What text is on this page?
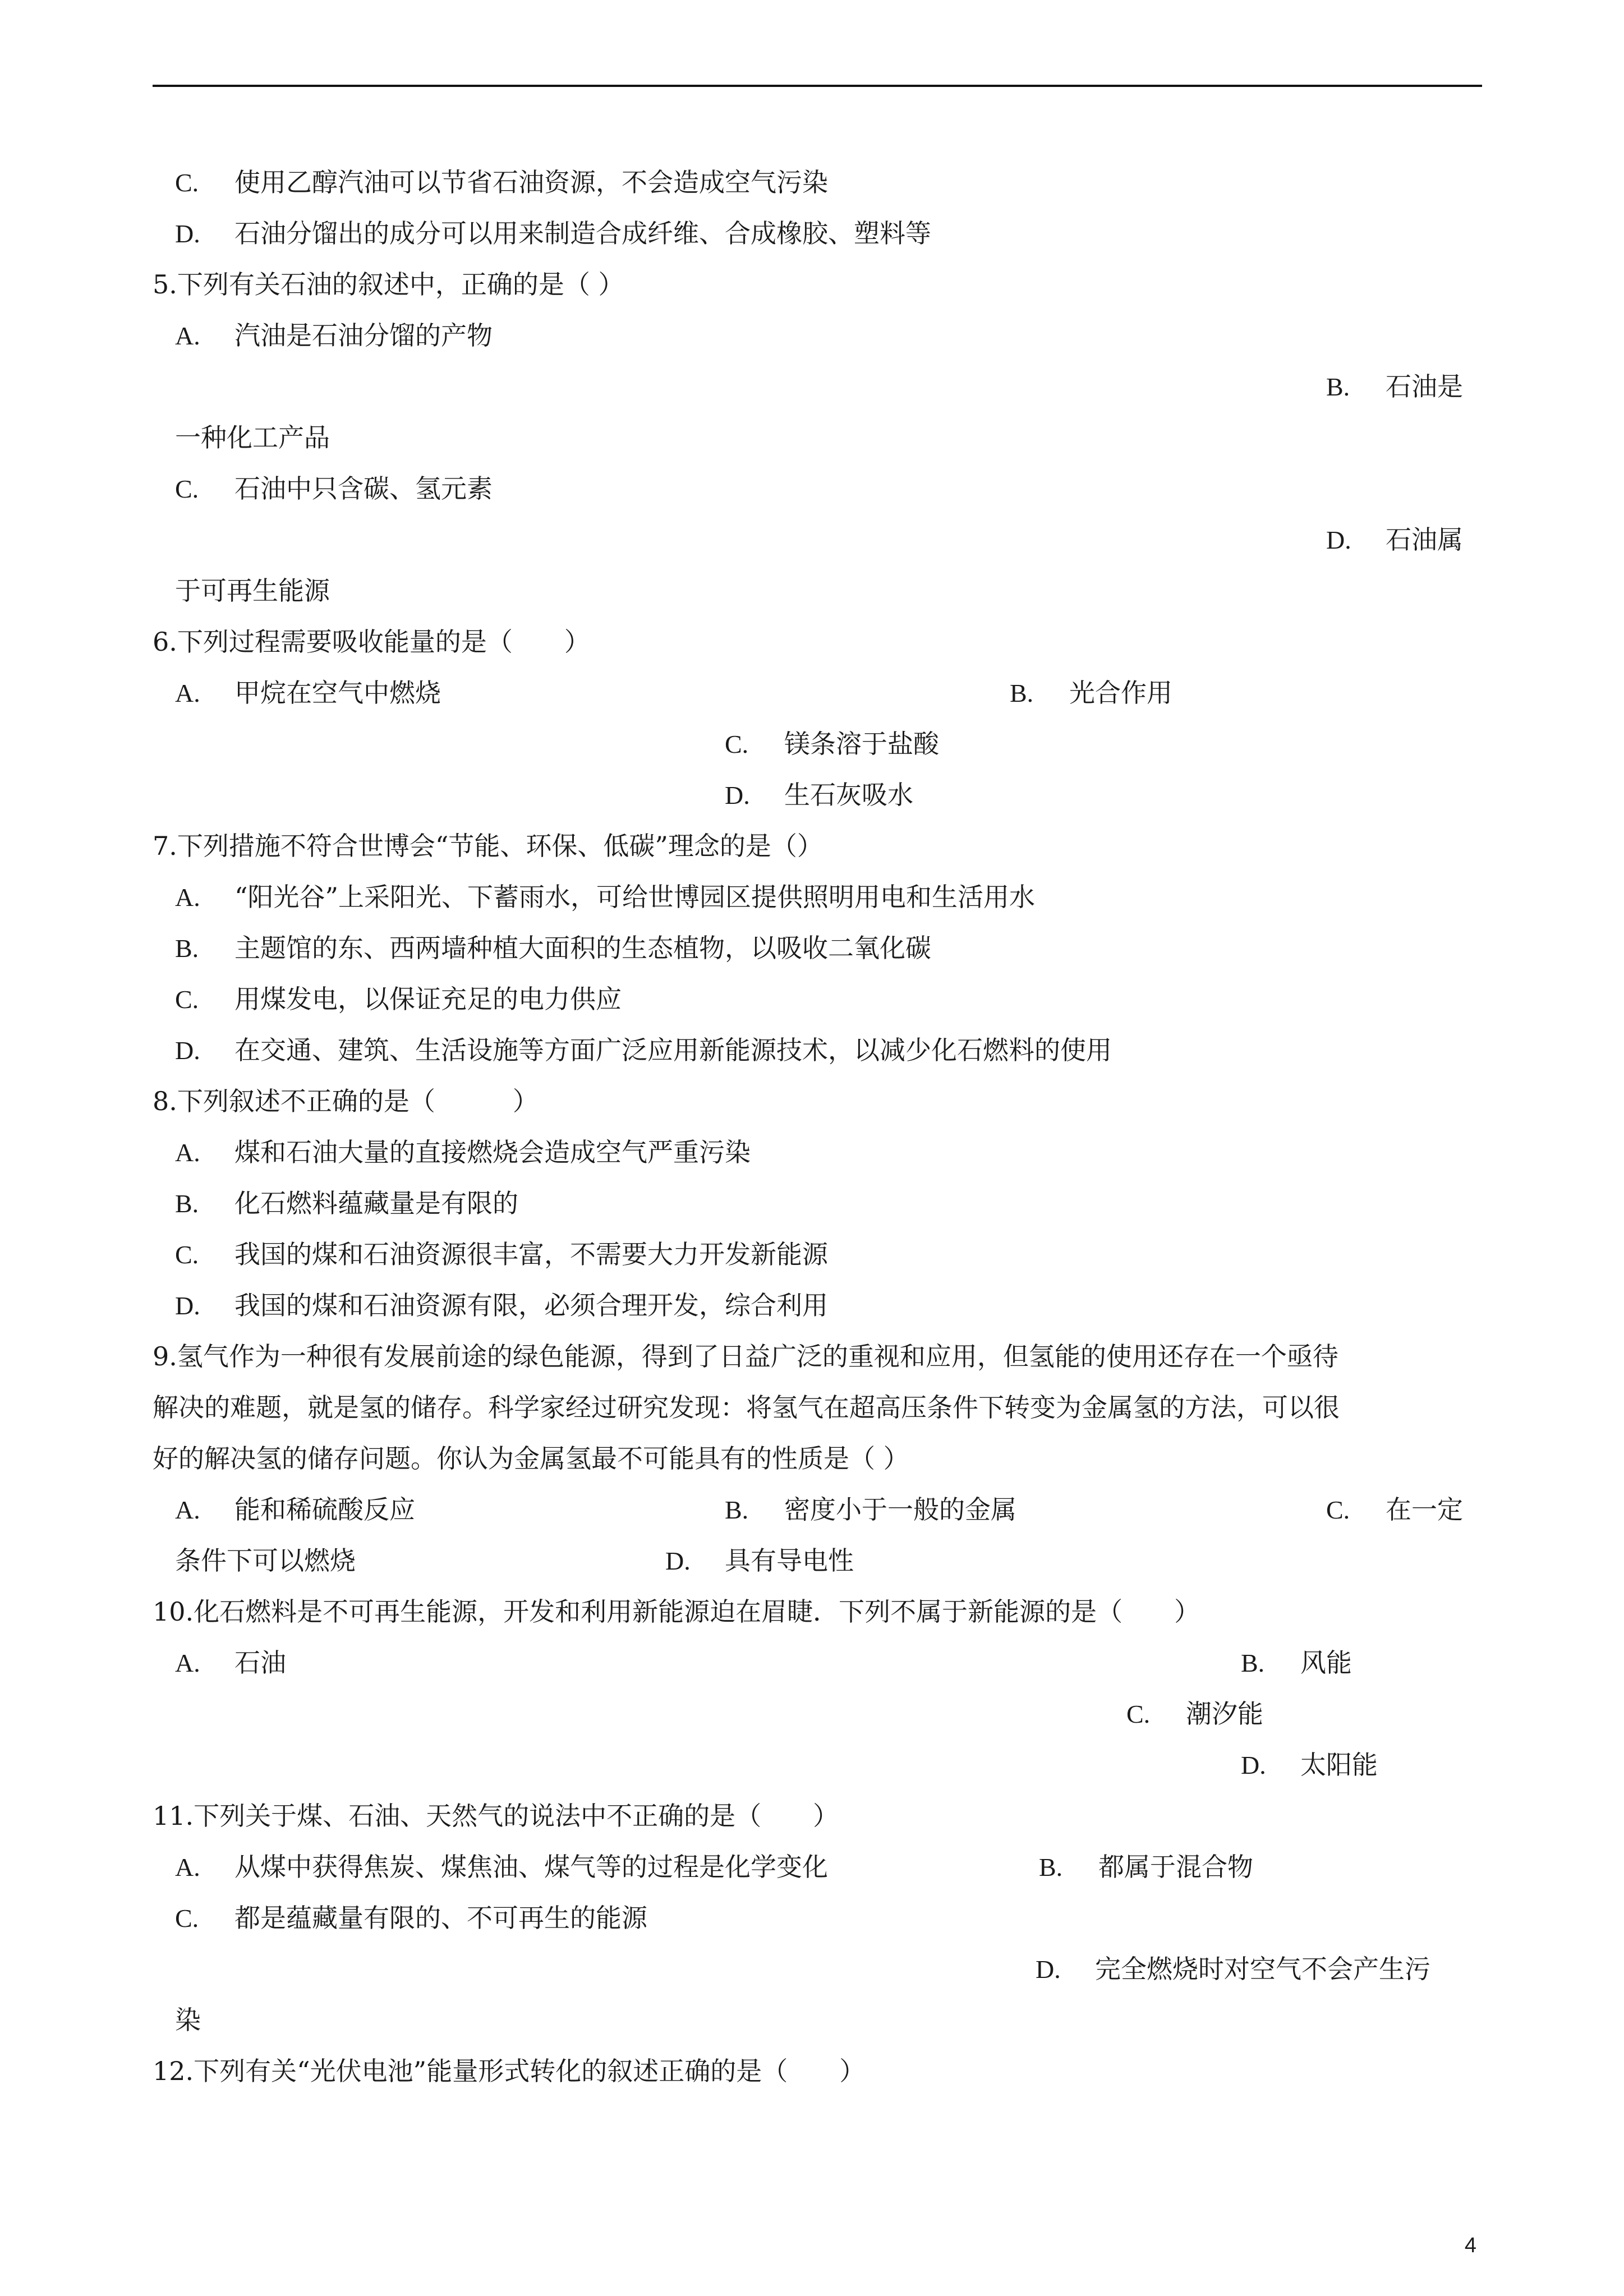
C. 使用乙醇汽油可以节省石油资源，不会造成空气污染
D. 石油分馏出的成分可以用来制造合成纤维、合成橡胶、塑料等
5.下列有关石油的叙述中，正确的是（ ）
A. 汽油是石油分馏的产物
B. 石油是
一种化工产品
C. 石油中只含碳、氢元素
D. 石油属
于可再生能源
6.下列过程需要吸收能量的是（　　）
A. 甲烷在空气中燃烧	B. 光合作用
C. 镁条溶于盐酸
D. 生石灰吸水
7.下列措施不符合世博会“节能、环保、低碳”理念的是（）
A. “阳光谷”上采阳光、下蓄雨水，可给世博园区提供照明用电和生活用水
B. 主题馆的东、西两墙种植大面积的生态植物，以吸收二氧化碳
C. 用煤发电，以保证充足的电力供应
D. 在交通、建筑、生活设施等方面广泛应用新能源技术，以减少化石燃料的使用
8.下列叙述不正确的是（　　　）
A. 煤和石油大量的直接燃烧会造成空气严重污染
B. 化石燃料蕴藏量是有限的
C. 我国的煤和石油资源很丰富，不需要大力开发新能源
D. 我国的煤和石油资源有限，必须合理开发，综合利用
9.氢气作为一种很有发展前途的绿色能源，得到了日益广泛的重视和应用，但氢能的使用还存在一个亟待
解决的难题，就是氢的储存。科学家经过研究发现：将氢气在超高压条件下转变为金属氢的方法，可以很
好的解决氢的储存问题。你认为金属氢最不可能具有的性质是（ ）
A. 能和稀硫酸反应	B. 密度小于一般的金属	C. 在一定
条件下可以燃烧	D. 具有导电性
10.化石燃料是不可再生能源，开发和利用新能源迫在眉睫．下列不属于新能源的是（　　）
A. 石油	B. 风能
C. 潮汐能
D. 太阳能
11.下列关于煤、石油、天然气的说法中不正确的是（　　）
A. 从煤中获得焦炭、煤焦油、煤气等的过程是化学变化	B. 都属于混合物
C. 都是蕴藏量有限的、不可再生的能源
D. 完全燃烧时对空气不会产生污
染
12.下列有关“光伏电池”能量形式转化的叙述正确的是（　　）
4
